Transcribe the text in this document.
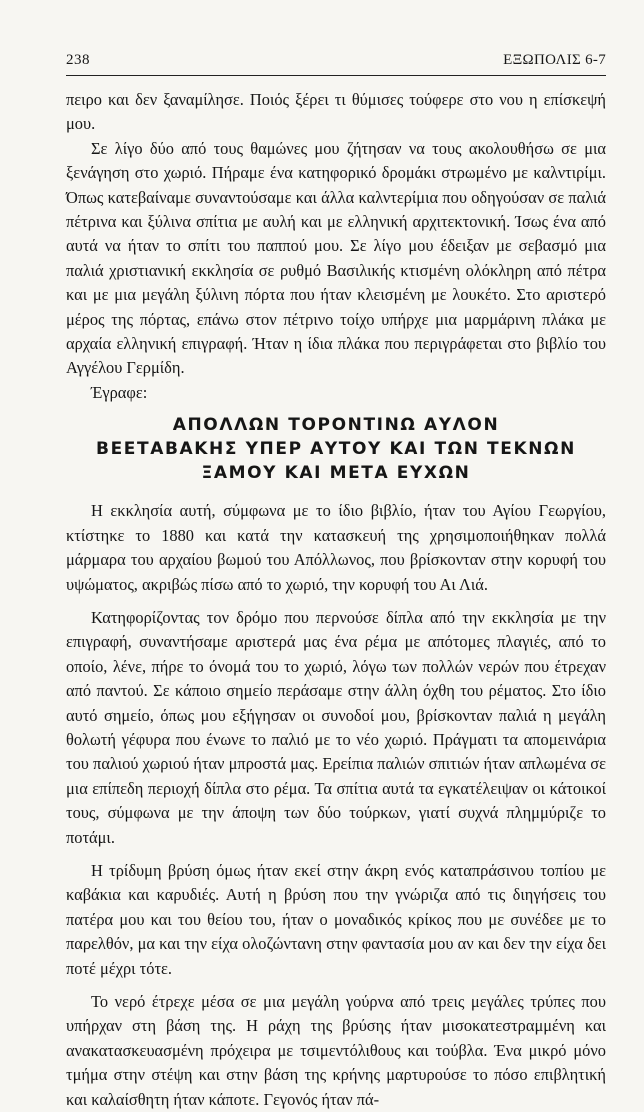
238	ΕΞΩΠΟΛΙΣ 6-7

πειρο και δεν ξαναμίλησε. Ποιός ξέρει τι θύμισες τούφερε στο νου η επίσκεψή μου.

Σε λίγο δύο από τους θαμώνες μου ζήτησαν να τους ακολουθήσω σε μια ξενάγηση στο χωριό. Πήραμε ένα κατηφορικό δρομάκι στρωμένο με καλντιρίμι. Όπως κατεβαίναμε συναντούσαμε και άλλα καλντερίμια που οδηγούσαν σε παλιά πέτρινα και ξύλινα σπίτια με αυλή και με ελληνική αρχιτεκτονική. Ίσως ένα από αυτά να ήταν το σπίτι του παππού μου. Σε λίγο μου έδειξαν με σεβασμό μια παλιά χριστιανική εκκλησία σε ρυθμό Βασιλικής κτισμένη ολόκληρη από πέτρα και με μια μεγάλη ξύλινη πόρτα που ήταν κλεισμένη με λουκέτο. Στο αριστερό μέρος της πόρτας, επάνω στον πέτρινο τοίχο υπήρχε μια μαρμάρινη πλάκα με αρχαία ελληνική επιγραφή. Ήταν η ίδια πλάκα που περιγράφεται στο βιβλίο του Αγγέλου Γερμίδη.

Έγραφε:

ΑΠΟΛΛΩΝ ΤΟΡΟΝΤΙΝΩ ΑΥΛΟΝ
ΒΕΕΤΑΒΑΚΗΣ ΥΠΕΡ ΑΥΤΟΥ ΚΑΙ ΤΩΝ ΤΕΚΝΩΝ
ΞΑΜΟΥ ΚΑΙ ΜΕΤΑ ΕΥΧΩΝ

Η εκκλησία αυτή, σύμφωνα με το ίδιο βιβλίο, ήταν του Αγίου Γεωργίου, κτίστηκε το 1880 και κατά την κατασκευή της χρησιμοποιήθηκαν πολλά μάρμαρα του αρχαίου βωμού του Απόλλωνος, που βρίσκονταν στην κορυφή του υψώματος, ακριβώς πίσω από το χωριό, την κορυφή του Αι Λιά.

Κατηφορίζοντας τον δρόμο που περνούσε δίπλα από την εκκλησία με την επιγραφή, συναντήσαμε αριστερά μας ένα ρέμα με απότομες πλαγιές, από το οποίο, λένε, πήρε το όνομά του το χωριό, λόγω των πολλών νερών που έτρεχαν από παντού. Σε κάποιο σημείο περάσαμε στην άλλη όχθη του ρέματος. Στο ίδιο αυτό σημείο, όπως μου εξήγησαν οι συνοδοί μου, βρίσκονταν παλιά η μεγάλη θολωτή γέφυρα που ένωνε το παλιό με το νέο χωριό. Πράγματι τα απομεινάρια του παλιού χωριού ήταν μπροστά μας. Ερείπια παλιών σπιτιών ήταν απλωμένα σε μια επίπεδη περιοχή δίπλα στο ρέμα. Τα σπίτια αυτά τα εγκατέλειψαν οι κάτοικοί τους, σύμφωνα με την άποψη των δύο τούρκων, γιατί συχνά πλημμύριζε το ποτάμι.

Η τρίδυμη βρύση όμως ήταν εκεί στην άκρη ενός καταπράσινου τοπίου με καβάκια και καρυδιές. Αυτή η βρύση που την γνώριζα από τις διηγήσεις του πατέρα μου και του θείου του, ήταν ο μοναδικός κρίκος που με συνέδεε με το παρελθόν, μα και την είχα ολοζώντανη στην φαντασία μου αν και δεν την είχα δει ποτέ μέχρι τότε.

Το νερό έτρεχε μέσα σε μια μεγάλη γούρνα από τρεις μεγάλες τρύπες που υπήρχαν στη βάση της. Η ράχη της βρύσης ήταν μισοκατεστραμμένη και ανακατασκευασμένη πρόχειρα με τσιμεντόλιθους και τούβλα. Ένα μικρό μόνο τμήμα στην στέψη και στην βάση της κρήνης μαρτυρούσε το πόσο επιβλητική και καλαίσθητη ήταν κάποτε. Γεγονός ήταν πά-
